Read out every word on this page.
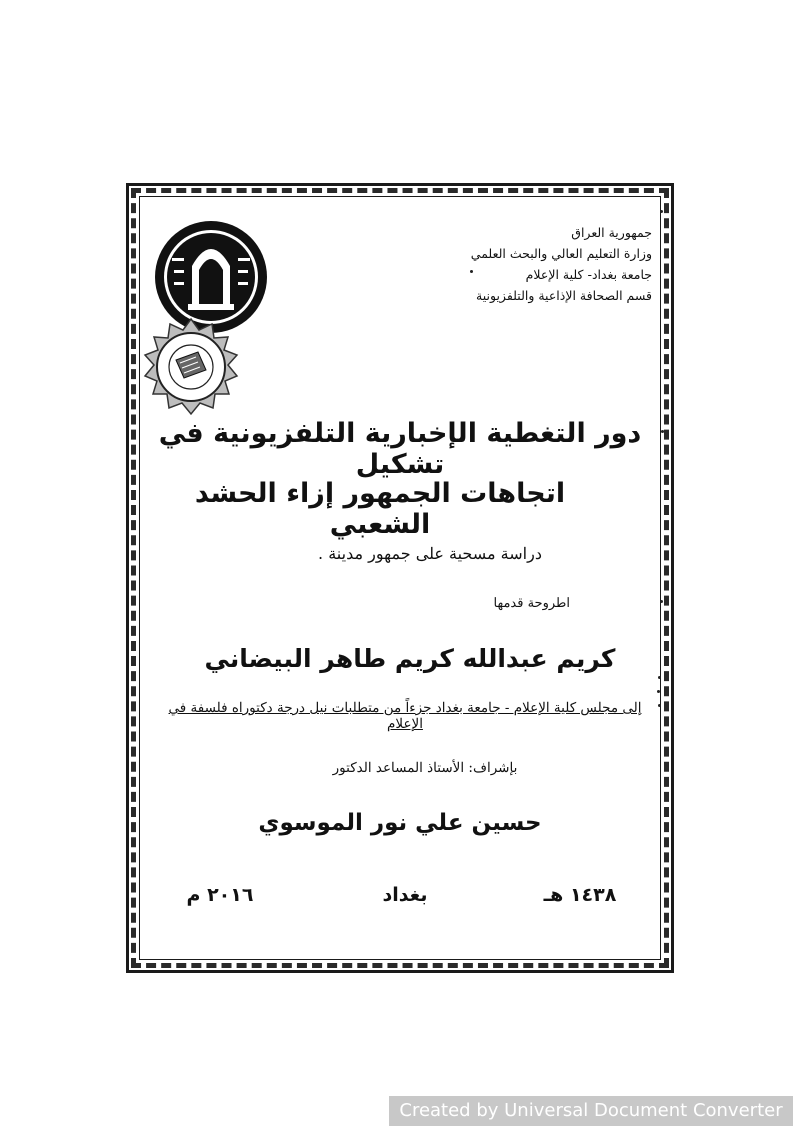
جمهورية العراق
وزارة التعليم العالي والبحث العلمي
جامعة بغداد- كلية الإعلام
قسم الصحافة الإذاعية والتلفزيونية
دور التغطية الإخبارية التلفزيونية في تشكيل
اتجاهات الجمهور إزاء الحشد الشعبي
دراسة مسحية على جمهور مدينة .
اطروحة قدمها
كريم عبدالله كريم طاهر البيضاني
إلى مجلس كلية الإعلام - جامعة بغداد جزءاً من متطلبات نيل درجة دكتوراه فلسفة في الإعلام
بإشراف: الأستاذ المساعد الدكتور
حسين علي نور الموسوي
١٤٣٨ هـ
بغداد
٢٠١٦ م
Created by Universal Document Converter
